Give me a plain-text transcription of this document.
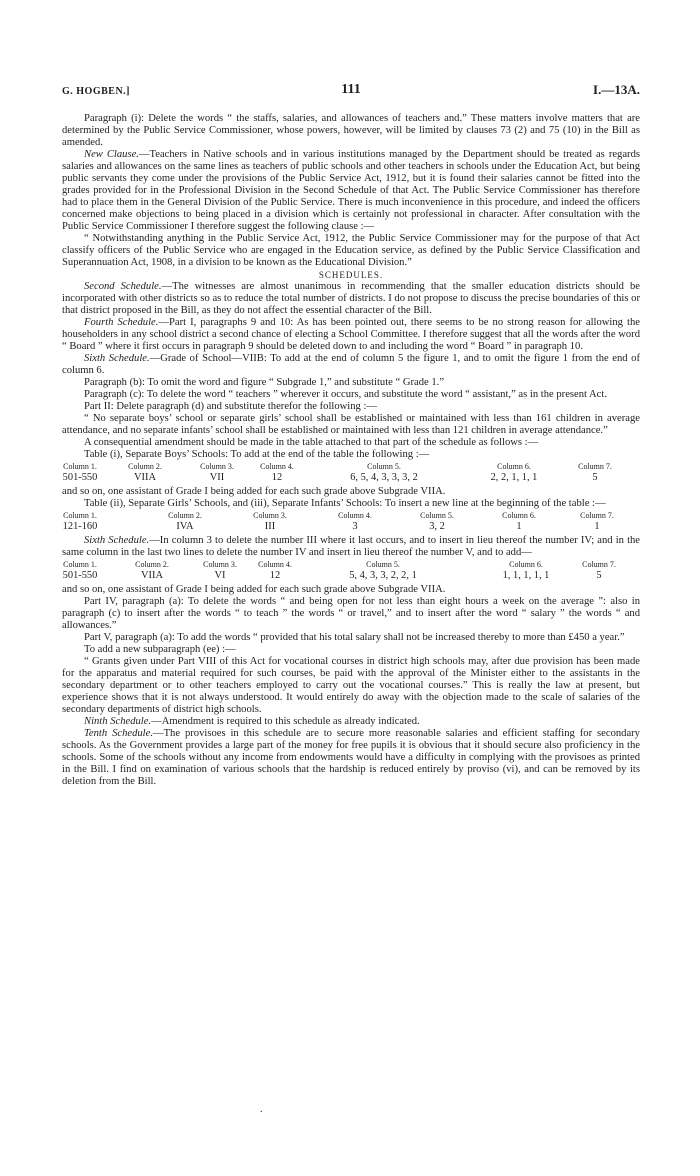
G. HOGBEN.]	111	I.—13A.

Paragraph (i): Delete the words “ the staffs, salaries, and allowances of teachers and.” These matters involve matters that are determined by the Public Service Commissioner, whose powers, however, will be limited by clauses 73 (2) and 75 (10) in the Bill as amended.

New Clause.—Teachers in Native schools and in various institutions managed by the Department should be treated as regards salaries and allowances on the same lines as teachers of public schools and other teachers in schools under the Education Act, but being public servants they come under the provisions of the Public Service Act, 1912, but it is found their salaries cannot be fitted into the grades provided for in the Professional Division in the Second Schedule of that Act. The Public Service Commissioner has therefore had to place them in the General Division of the Public Service. There is much inconvenience in this procedure, and indeed the officers concerned make objections to being placed in a division which is certainly not professional in character. After consultation with the Public Service Commissioner I therefore suggest the following clause :—

“ Notwithstanding anything in the Public Service Act, 1912, the Public Service Commissioner may for the purpose of that Act classify officers of the Public Service who are engaged in the Education service, as defined by the Public Service Classification and Superannuation Act, 1908, in a division to be known as the Educational Division.”

SCHEDULES.

Second Schedule.—The witnesses are almost unanimous in recommending that the smaller education districts should be incorporated with other districts so as to reduce the total number of districts. I do not propose to discuss the precise boundaries of this or that district proposed in the Bill, as they do not affect the essential character of the Bill.

Fourth Schedule.—Part I, paragraphs 9 and 10: As has been pointed out, there seems to be no strong reason for allowing the householders in any school district a second chance of electing a School Committee. I therefore suggest that all the words after the word “ Board ” where it first occurs in paragraph 9 should be deleted down to and including the word “ Board ” in paragraph 10.

Sixth Schedule.—Grade of School—VIIB: To add at the end of column 5 the figure 1, and to omit the figure 1 from the end of column 6.

Paragraph (b): To omit the word and figure “ Subgrade 1,” and substitute “ Grade 1.”

Paragraph (c): To delete the word “ teachers ” wherever it occurs, and substitute the word “ assistant,” as in the present Act.

Part II: Delete paragraph (d) and substitute therefor the following :—

“ No separate boys’ school or separate girls’ school shall be established or maintained with less than 161 children in average attendance, and no separate infants’ school shall be established or maintained with less than 121 children in average attendance.”

A consequential amendment should be made in the table attached to that part of the schedule as follows :—

Table (i), Separate Boys’ Schools: To add at the end of the table the following :—

Column 1.
501-550
Column 2.
VIIA
Column 3.
VII
Column 4.
12
Column 5.
6, 5, 4, 3, 3, 3, 2
Column 6.
2, 2, 1, 1, 1
Column 7.
5

and so on, one assistant of Grade I being added for each such grade above Subgrade VIIA.

Table (ii), Separate Girls’ Schools, and (iii), Separate Infants’ Schools: To insert a new line at the beginning of the table :—

Column 1.
121-160
Column 2.
IVA
Column 3.
III
Column 4.
3
Column 5.
3, 2
Column 6.
1
Column 7.
1

Sixth Schedule.—In column 3 to delete the number III where it last occurs, and to insert in lieu thereof the number IV; and in the same column in the last two lines to delete the number IV and insert in lieu thereof the number V, and to add—

Column 1.
501-550
Column 2.
VIIA
Column 3.
VI
Column 4.
12
Column 5.
5, 4, 3, 3, 2, 2, 1
Column 6.
1, 1, 1, 1, 1
Column 7.
5

and so on, one assistant of Grade I being added for each such grade above Subgrade VIIA.

Part IV, paragraph (a): To delete the words “ and being open for not less than eight hours a week on the average ”: also in paragraph (c) to insert after the words “ to teach ” the words “ or travel,” and to insert after the word “ salary ” the words “ and allowances.”

Part V, paragraph (a): To add the words “ provided that his total salary shall not be increased thereby to more than £450 a year.”

To add a new subparagraph (ee) :—

“ Grants given under Part VIII of this Act for vocational courses in district high schools may, after due provision has been made for the apparatus and material required for such courses, be paid with the approval of the Minister either to the assistants in the secondary department or to other teachers employed to carry out the vocational courses.” This is really the law at present, but experience shows that it is not always understood. It would entirely do away with the objection made to the scale of salaries of the secondary departments of district high schools.

Ninth Schedule.—Amendment is required to this schedule as already indicated.

Tenth Schedule.—The provisoes in this schedule are to secure more reasonable salaries and efficient staffing for secondary schools. As the Government provides a large part of the money for free pupils it is obvious that it should secure also proficiency in the schools. Some of the schools without any income from endowments would have a difficulty in complying with the provisoes as printed in the Bill. I find on examination of various schools that the hardship is reduced entirely by proviso (vi), and can be removed by its deletion from the Bill.

.
